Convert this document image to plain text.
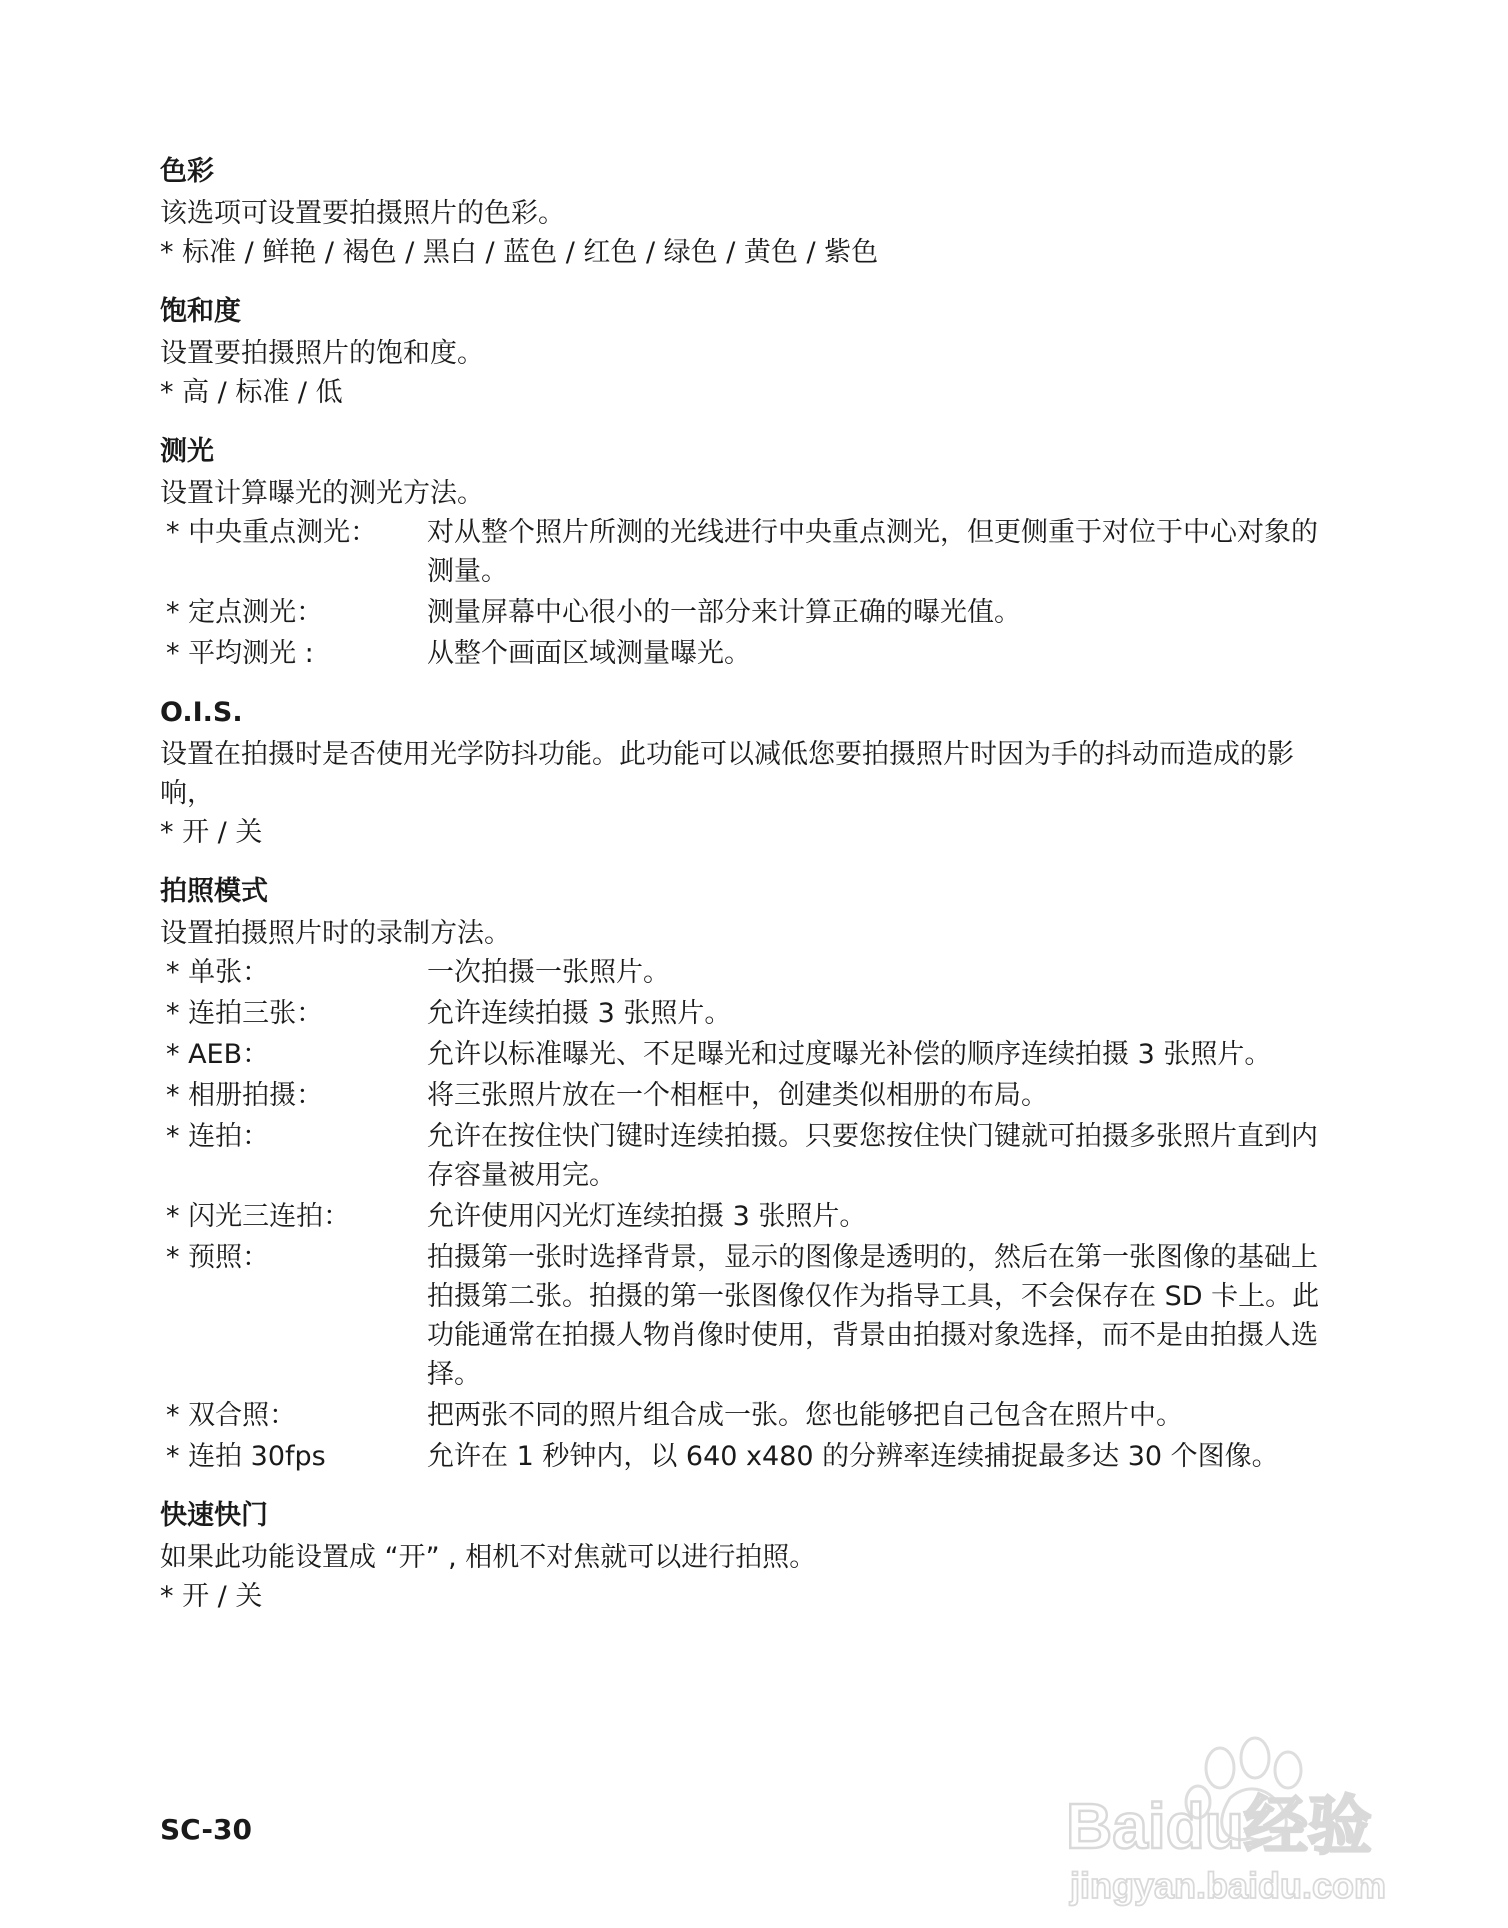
色彩
该选项可设置要拍摄照片的色彩。
* 标准 / 鲜艳 / 褐色 / 黑白 / 蓝色 / 红色 / 绿色 / 黄色 / 紫色
饱和度
设置要拍摄照片的饱和度。
* 高 / 标准 / 低
测光
设置计算曝光的测光方法。
* 中央重点测光：	对从整个照片所测的光线进行中央重点测光，但更侧重于对位于中心对象的测量。
* 定点测光：	测量屏幕中心很小的一部分来计算正确的曝光值。
* 平均测光 :	从整个画面区域测量曝光。
O.I.S.
设置在拍摄时是否使用光学防抖功能。此功能可以减低您要拍摄照片时因为手的抖动而造成的影响，
* 开 / 关
拍照模式
设置拍摄照片时的录制方法。
* 单张：	一次拍摄一张照片。
* 连拍三张：	允许连续拍摄 3 张照片。
* AEB：	允许以标准曝光、不足曝光和过度曝光补偿的顺序连续拍摄 3 张照片。
* 相册拍摄：	将三张照片放在一个相框中，创建类似相册的布局。
* 连拍：	允许在按住快门键时连续拍摄。只要您按住快门键就可拍摄多张照片直到内存容量被用完。
* 闪光三连拍：	允许使用闪光灯连续拍摄 3 张照片。
* 预照：	拍摄第一张时选择背景，显示的图像是透明的，然后在第一张图像的基础上拍摄第二张。拍摄的第一张图像仅作为指导工具，不会保存在 SD 卡上。此功能通常在拍摄人物肖像时使用，背景由拍摄对象选择，而不是由拍摄人选择。
* 双合照：	把两张不同的照片组合成一张。您也能够把自己包含在照片中。
* 连拍 30fps	允许在 1 秒钟内，以 640 x480 的分辨率连续捕捉最多达 30 个图像。
快速快门
如果此功能设置成 “开” , 相机不对焦就可以进行拍照。
* 开 / 关
SC-30	Baidu经验
jingyan.baidu.com
